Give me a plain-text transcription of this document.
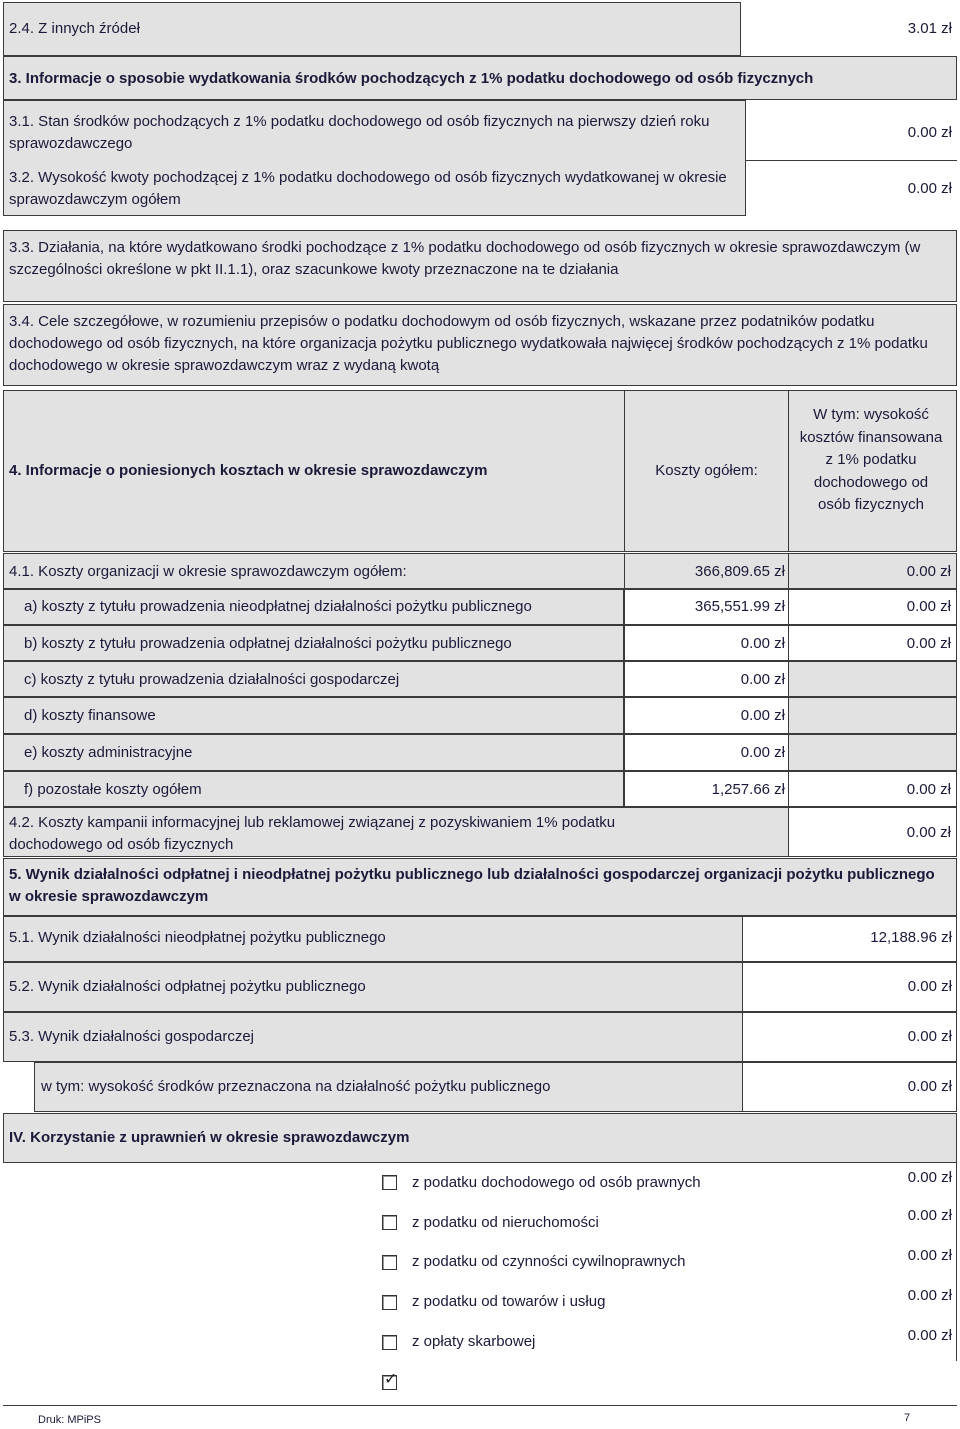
2.4. Z innych źródeł	3.01 zł
3. Informacje o sposobie wydatkowania środków pochodzących z 1% podatku dochodowego od osób fizycznych
3.1. Stan środków pochodzących z 1% podatku dochodowego od osób fizycznych na pierwszy dzień roku sprawozdawczego
0.00 zł
3.2. Wysokość kwoty pochodzącej z 1% podatku dochodowego od osób fizycznych wydatkowanej w okresie sprawozdawczym ogółem
0.00 zł
3.3. Działania, na które wydatkowano środki pochodzące z 1% podatku dochodowego od osób fizycznych w okresie sprawozdawczym (w szczególności określone w pkt II.1.1), oraz szacunkowe kwoty przeznaczone na te działania
3.4. Cele szczegółowe, w rozumieniu przepisów o podatku dochodowym od osób fizycznych, wskazane przez podatników podatku dochodowego od osób fizycznych, na które organizacja pożytku publicznego wydatkowała najwięcej środków pochodzących z 1% podatku dochodowego w okresie sprawozdawczym wraz z wydaną kwotą
4. Informacje o poniesionych kosztach w okresie sprawozdawczym	Koszty ogółem:
W tym: wysokość kosztów finansowana z 1% podatku dochodowego od osób fizycznych
4.1. Koszty organizacji w okresie sprawozdawczym ogółem:	366,809.65 zł	0.00 zł
a) koszty z tytułu prowadzenia nieodpłatnej działalności pożytku publicznego	365,551.99 zł	0.00 zł
b) koszty z tytułu prowadzenia odpłatnej działalności pożytku publicznego	0.00 zł	0.00 zł
c) koszty z tytułu prowadzenia działalności gospodarczej	0.00 zł
d) koszty finansowe	0.00 zł
e) koszty administracyjne	0.00 zł
f) pozostałe koszty ogółem	1,257.66 zł	0.00 zł
4.2. Koszty kampanii informacyjnej lub reklamowej związanej z pozyskiwaniem 1% podatku dochodowego od osób fizycznych
0.00 zł
5. Wynik działalności odpłatnej i nieodpłatnej pożytku publicznego lub działalności gospodarczej organizacji pożytku publicznego w okresie sprawozdawczym
5.1. Wynik działalności nieodpłatnej pożytku publicznego	12,188.96 zł
5.2. Wynik działalności odpłatnej pożytku publicznego	0.00 zł
5.3. Wynik działalności gospodarczej	0.00 zł
w tym: wysokość środków przeznaczona na działalność pożytku publicznego	0.00 zł
IV. Korzystanie z uprawnień w okresie sprawozdawczym
z podatku dochodowego od osób prawnych	0.00 zł
z podatku od nieruchomości	0.00 zł
z podatku od czynności cywilnoprawnych	0.00 zł
z podatku od towarów i usług	0.00 zł
z opłaty skarbowej	0.00 zł
✓
Druk: MPiPS	7
